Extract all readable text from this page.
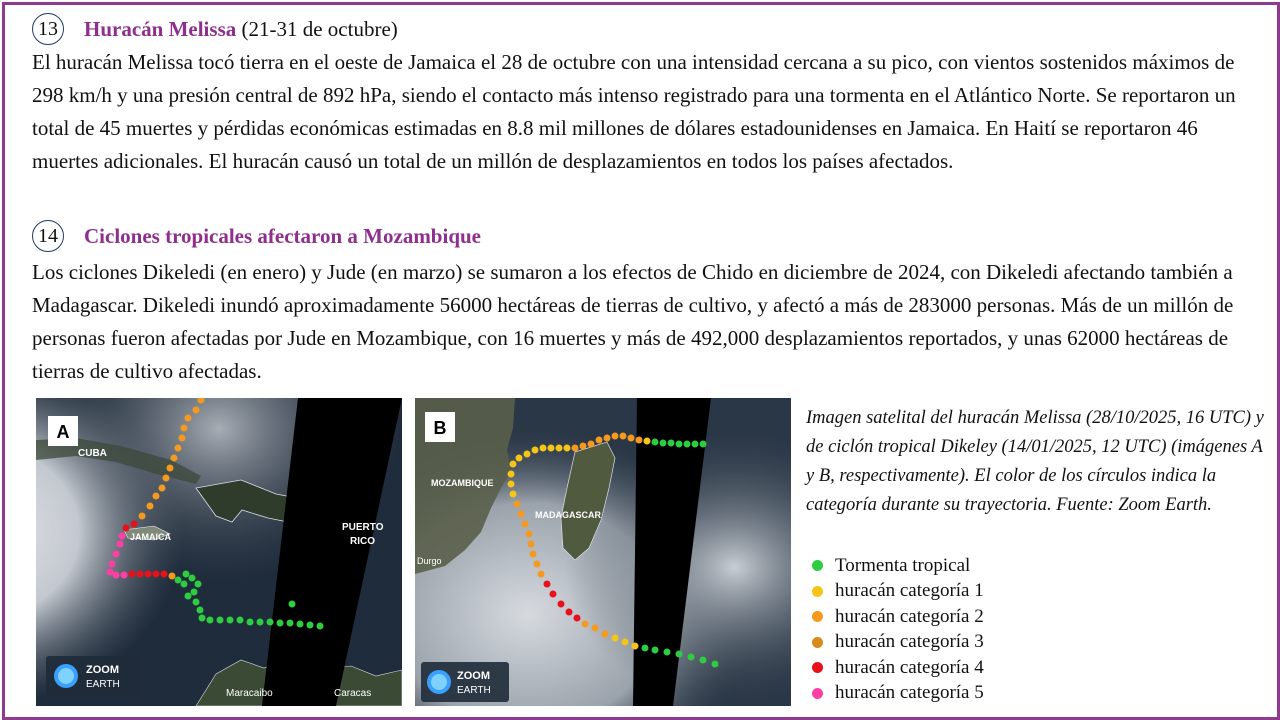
13 Huracán Melissa (21-31 de octubre)

El huracán Melissa tocó tierra en el oeste de Jamaica el 28 de octubre con una intensidad cercana a su pico, con vientos sostenidos máximos de 298 km/h y una presión central de 892 hPa, siendo el contacto más intenso registrado para una tormenta en el Atlántico Norte. Se reportaron un total de 45 muertes y pérdidas económicas estimadas en 8.8 mil millones de dólares estadounidenses en Jamaica. En Haití se reportaron 46 muertes adicionales. El huracán causó un total de un millón de desplazamientos en todos los países afectados.

14 Ciclones tropicales afectaron a Mozambique

Los ciclones Dikeledi (en enero) y Jude (en marzo) se sumaron a los efectos de Chido en diciembre de 2024, con Dikeledi afectando también a Madagascar. Dikeledi inundó aproximadamente 56000 hectáreas de tierras de cultivo, y afectó a más de 283000 personas. Más de un millón de personas fueron afectadas por Jude en Mozambique, con 16 muertes y más de 492,000 desplazamientos reportados, y unas 62000 hectáreas de tierras de cultivo afectadas.

CUBA
JAMAICA
PUERTO
RICO
Maracaibo	Caracas
A
ZOOM
EARTH
MOZAMBIQUE
MADAGASCAR
Durgo
B
ZOOM
EARTH

Imagen satelital del huracán Melissa (28/10/2025, 16 UTC) y de ciclón tropical Dikeley (14/01/2025, 12 UTC) (imágenes A y B, respectivamente). El color de los círculos indica la categoría durante su trayectoria. Fuente: Zoom Earth.

Tormenta tropical
huracán categoría 1
huracán categoría 2
huracán categoría 3
huracán categoría 4
huracán categoría 5
